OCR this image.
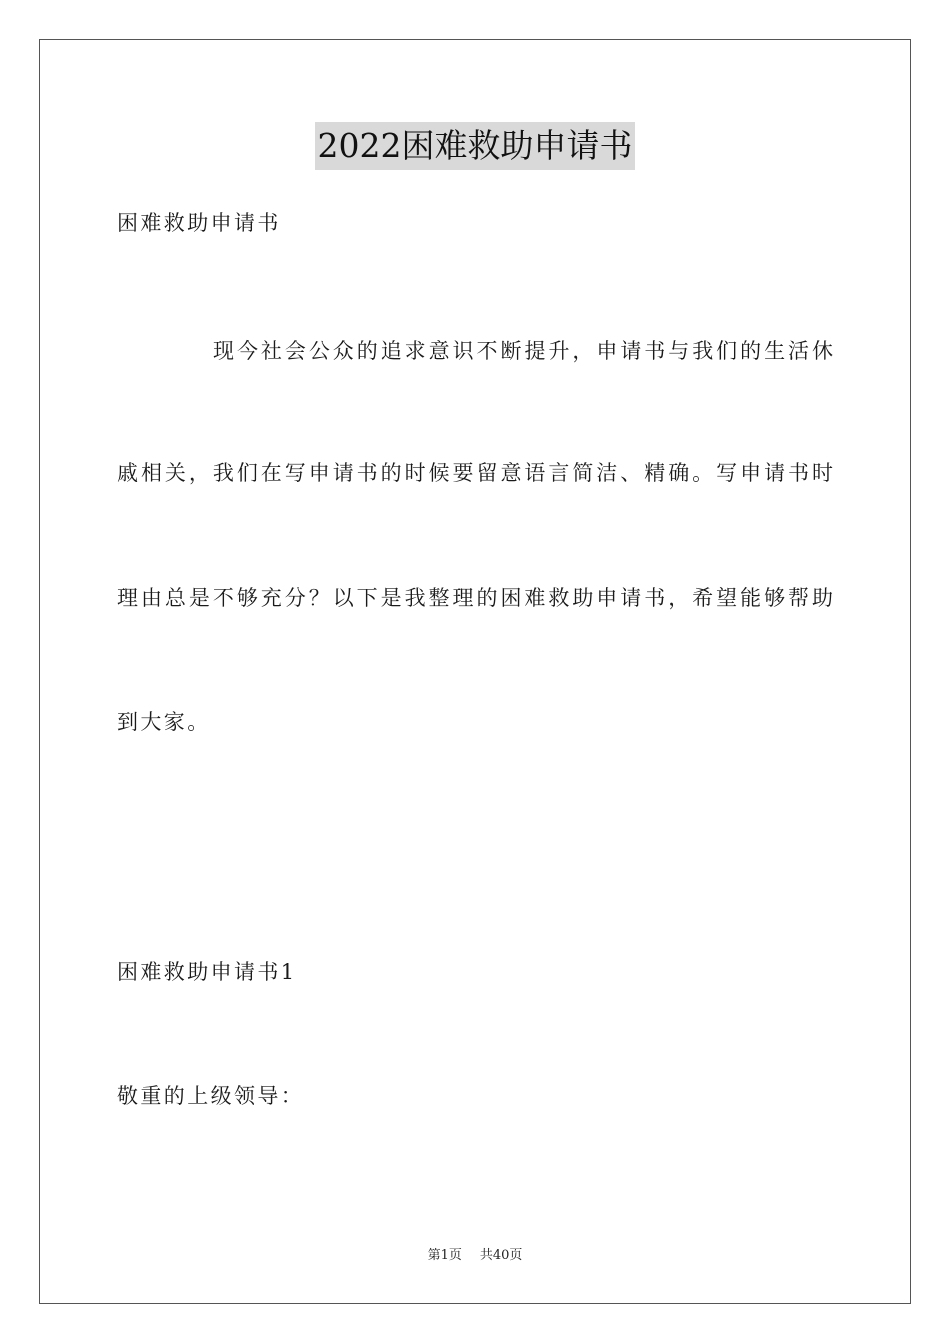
2022困难救助申请书
困难救助申请书
现今社会公众的追求意识不断提升，申请书与我们的生活休
戚相关，我们在写申请书的时候要留意语言简洁、精确。写申请书时
理由总是不够充分？以下是我整理的困难救助申请书，希望能够帮助
到大家。
困难救助申请书1
敬重的上级领导：
第1页 共40页
